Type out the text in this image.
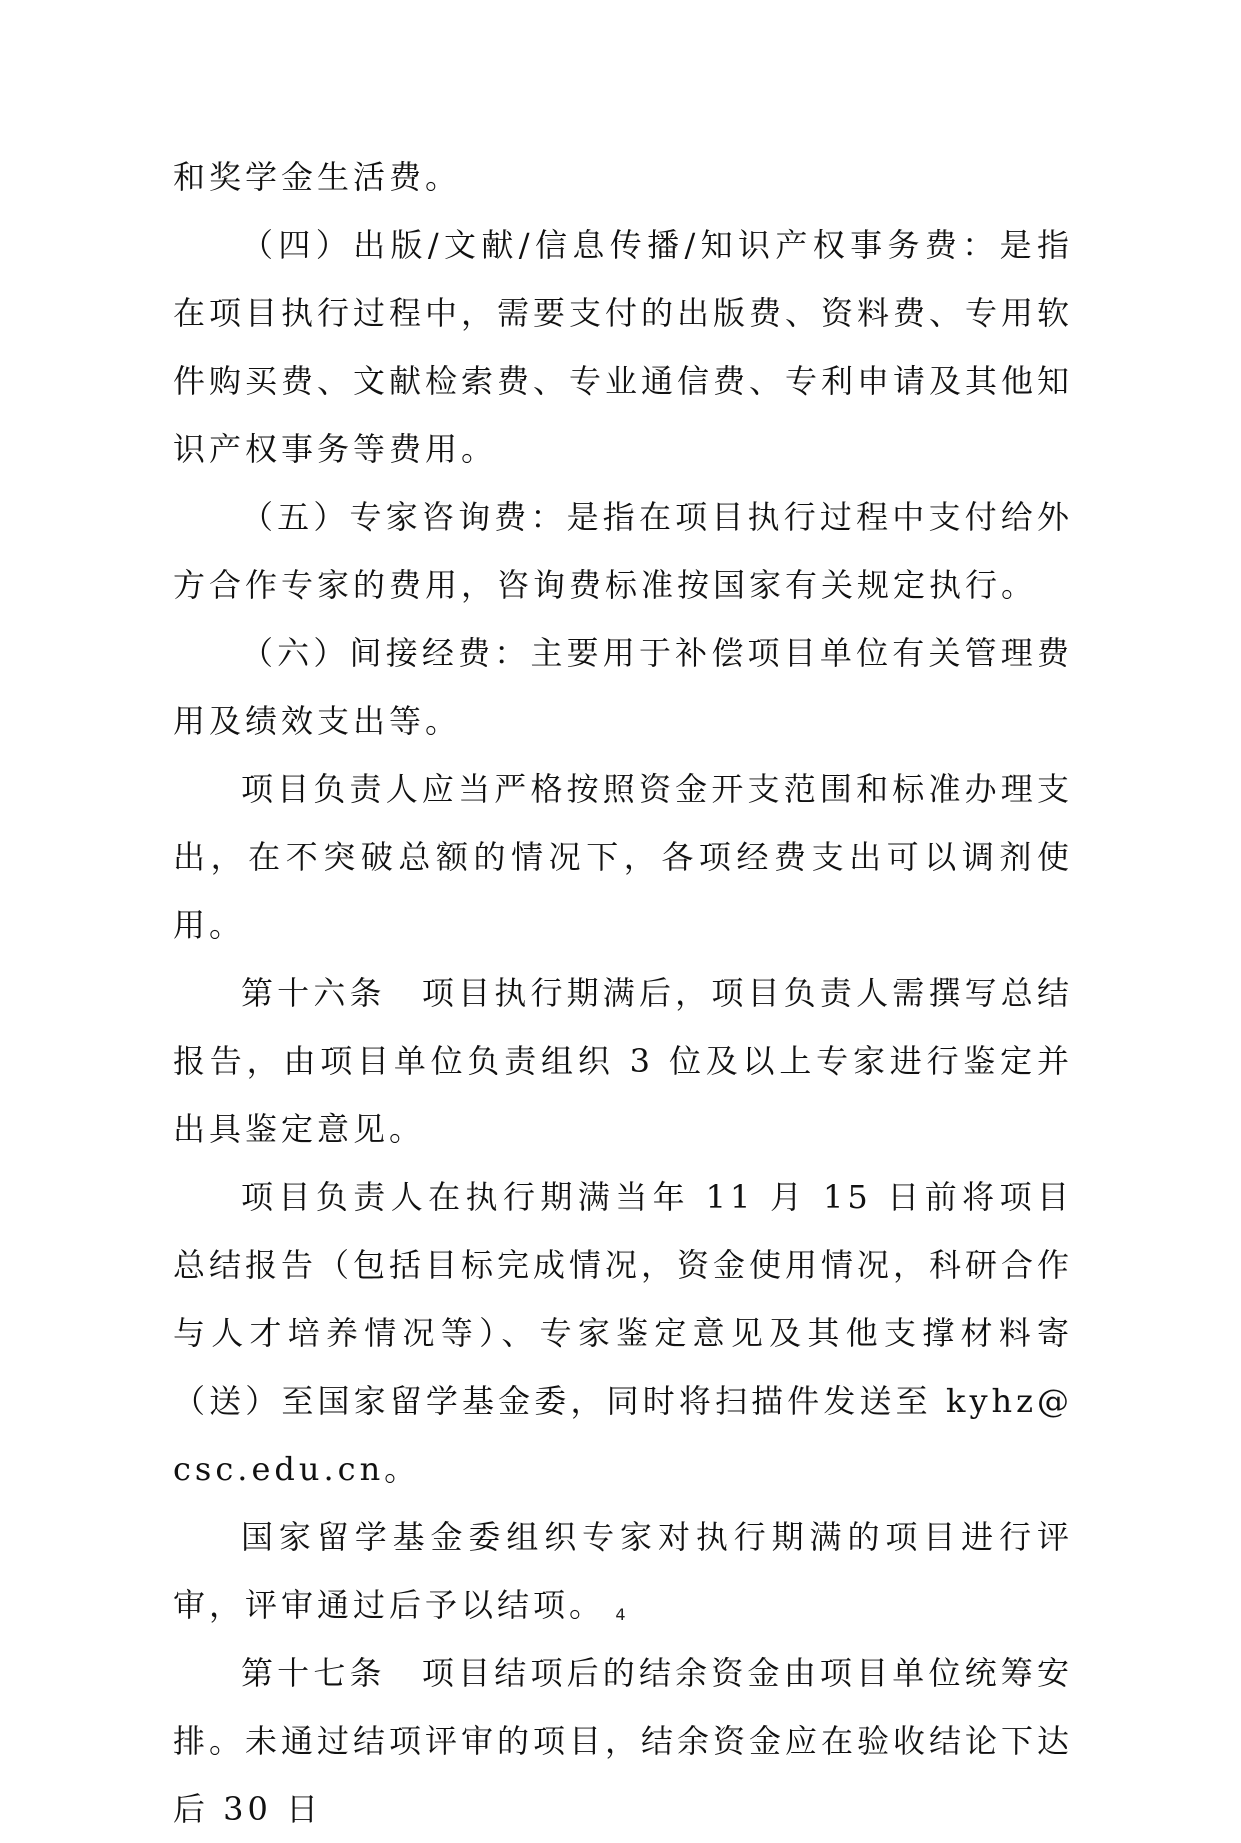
和奖学金生活费。

（四）出版/文献/信息传播/知识产权事务费：是指在项目执行过程中，需要支付的出版费、资料费、专用软件购买费、文献检索费、专业通信费、专利申请及其他知识产权事务等费用。

（五）专家咨询费：是指在项目执行过程中支付给外方合作专家的费用，咨询费标准按国家有关规定执行。

（六）间接经费：主要用于补偿项目单位有关管理费用及绩效支出等。

项目负责人应当严格按照资金开支范围和标准办理支出，在不突破总额的情况下，各项经费支出可以调剂使用。

第十六条　项目执行期满后，项目负责人需撰写总结报告，由项目单位负责组织 3 位及以上专家进行鉴定并出具鉴定意见。

项目负责人在执行期满当年 11 月 15 日前将项目总结报告（包括目标完成情况，资金使用情况，科研合作与人才培养情况等）、专家鉴定意见及其他支撑材料寄（送）至国家留学基金委，同时将扫描件发送至 kyhz@csc.edu.cn。

国家留学基金委组织专家对执行期满的项目进行评审，评审通过后予以结项。

第十七条　项目结项后的结余资金由项目单位统筹安排。未通过结项评审的项目，结余资金应在验收结论下达后 30 日

4
